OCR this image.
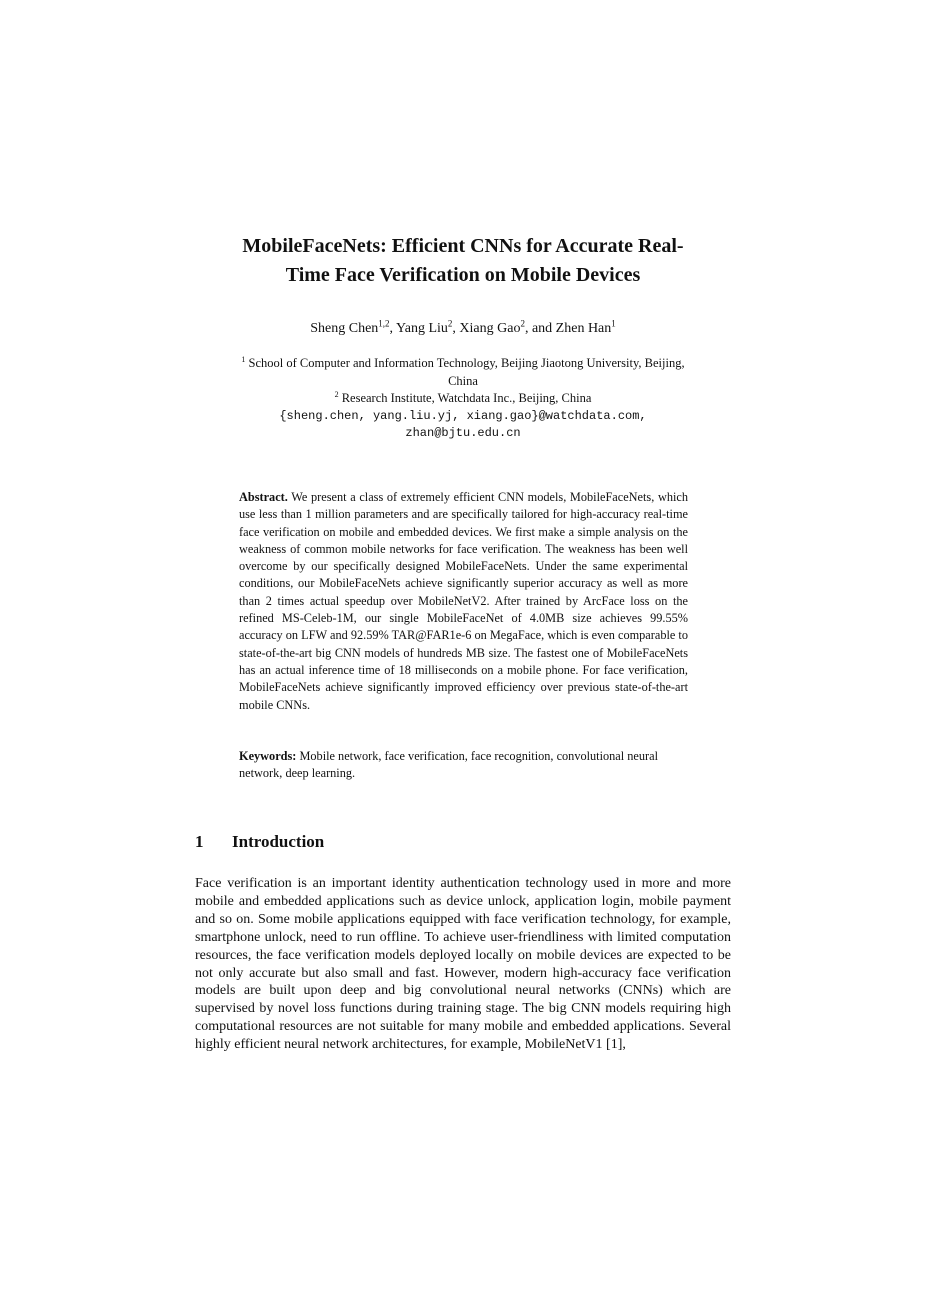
MobileFaceNets: Efficient CNNs for Accurate Real-
Time Face Verification on Mobile Devices
Sheng Chen$^{1,2}$, Yang Liu$^2$, Xiang Gao$^2$, and Zhen Han$^1$
$^1$ School of Computer and Information Technology, Beijing Jiaotong University, Beijing,
China
$^2$ Research Institute, Watchdata Inc., Beijing, China
{sheng.chen, yang.liu.yj, xiang.gao}@watchdata.com,
zhan@bjtu.edu.cn

Abstract. We present a class of extremely efficient CNN models, MobileFaceNets, which use less than 1 million parameters and are specifically tailored for high-accuracy real-time face verification on mobile and embedded devices. We first make a simple analysis on the weakness of common mobile networks for face verification. The weakness has been well overcome by our specifically designed MobileFaceNets. Under the same experimental conditions, our MobileFaceNets achieve significantly superior accuracy as well as more than 2 times actual speedup over MobileNetV2. After trained by ArcFace loss on the refined MS-Celeb-1M, our single MobileFaceNet of 4.0MB size achieves 99.55% accuracy on LFW and 92.59% TAR@FAR1e-6 on MegaFace, which is even comparable to state-of-the-art big CNN models of hundreds MB size. The fastest one of MobileFaceNets has an actual inference time of 18 milliseconds on a mobile phone. For face verification, MobileFaceNets achieve significantly improved efficiency over previous state-of-the-art mobile CNNs.

Keywords: Mobile network, face verification, face recognition, convolutional neural network, deep learning.

1 Introduction

Face verification is an important identity authentication technology used in more and more mobile and embedded applications such as device unlock, application login, mobile payment and so on. Some mobile applications equipped with face verification technology, for example, smartphone unlock, need to run offline. To achieve user-friendliness with limited computation resources, the face verification models deployed locally on mobile devices are expected to be not only accurate but also small and fast. However, modern high-accuracy face verification models are built upon deep and big convolutional neural networks (CNNs) which are supervised by novel loss functions during training stage. The big CNN models requiring high computational resources are not suitable for many mobile and embedded applications. Several highly efficient neural network architectures, for example, MobileNetV1 [1],
